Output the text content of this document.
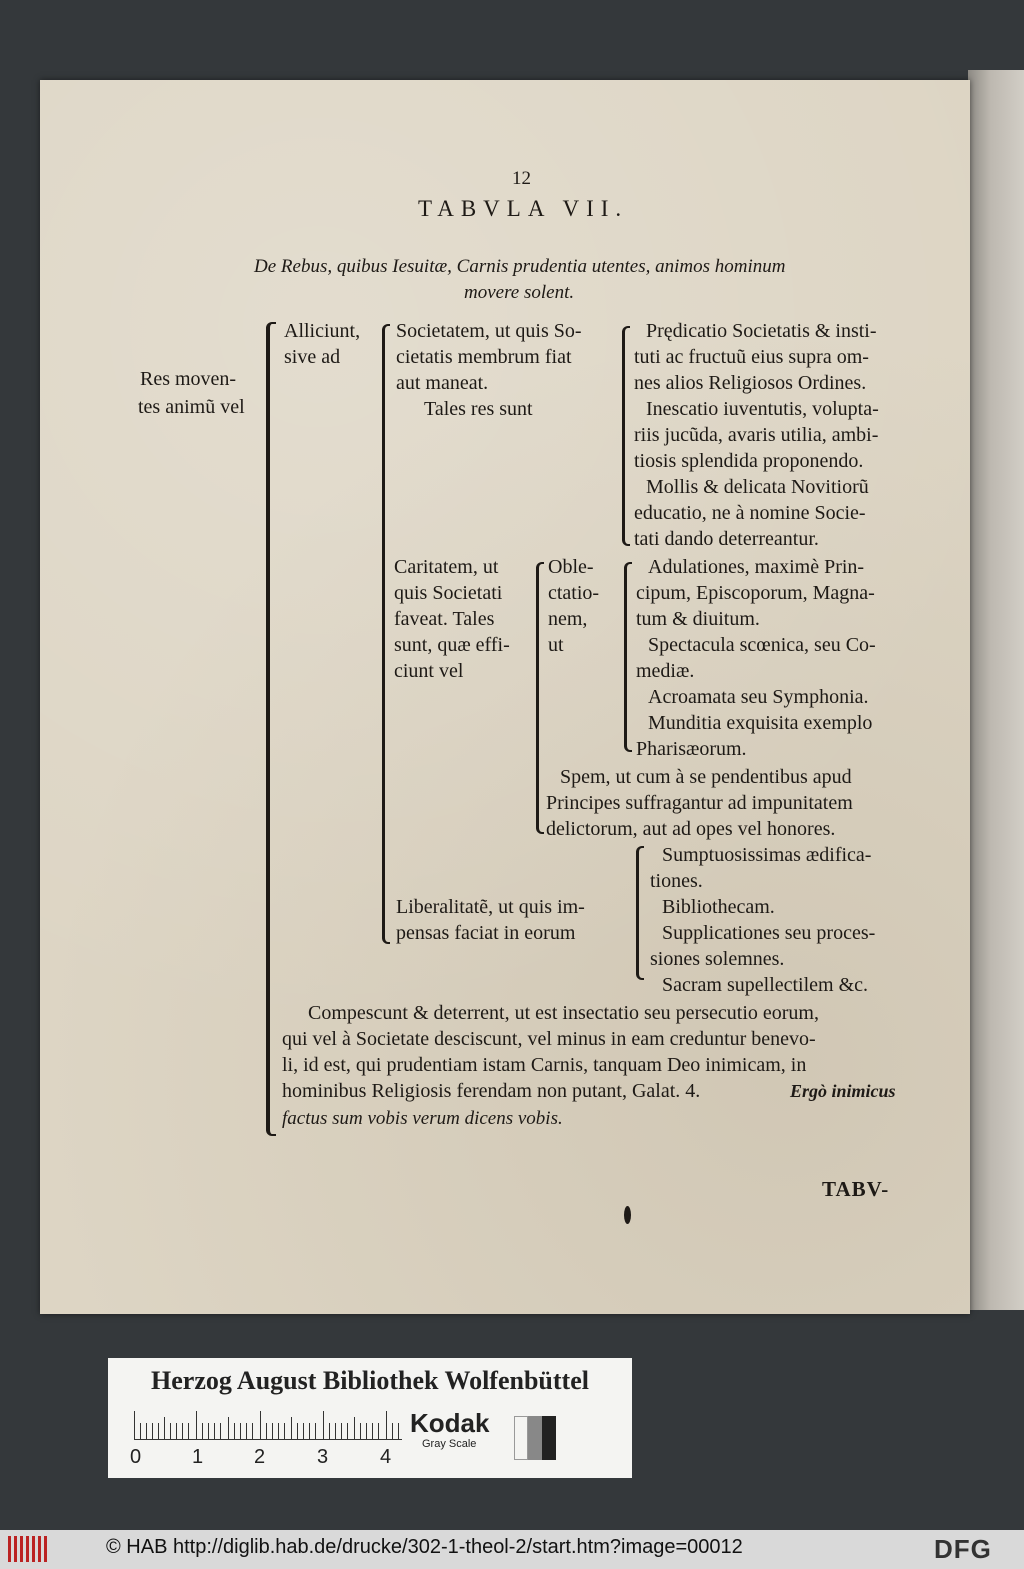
12
TABVLA VII.
De Rebus, quibus Iesuitæ, Carnis prudentia utentes, animos hominum
movere solent.
Res moven-
tes animũ vel
Alliciunt,
sive ad
Societatem, ut quis So-
cietatis membrum fiat
aut maneat.
Tales res sunt
Prędicatio Societatis & insti-
tuti ac fructuũ eius supra om-
nes alios Religiosos Ordines.
Inescatio iuventutis, volupta-
riis jucũda, avaris utilia, ambi-
tiosis splendida proponendo.
Mollis & delicata Novitiorũ
educatio, ne à nomine Socie-
tati dando deterreantur.
Caritatem, ut
quis Societati
faveat. Tales
sunt, quæ effi-
ciunt vel
Oble-
ctatio-
nem,
ut
Adulationes, maximè Prin-
cipum, Episcoporum, Magna-
tum & diuitum.
Spectacula scœnica, seu Co-
mediæ.
Acroamata seu Symphonia.
Munditia exquisita exemplo
Pharisæorum.
Spem, ut cum à se pendentibus apud
Principes suffragantur ad impunitatem
delictorum, aut ad opes vel honores.
Liberalitatẽ, ut quis im-
pensas faciat in eorum
Sumptuosissimas ædifica-
tiones.
Bibliothecam.
Supplicationes seu proces-
siones solemnes.
Sacram supellectilem &c.
Compescunt & deterrent, ut est insectatio seu persecutio eorum,
qui vel à Societate desciscunt, vel minus in eam creduntur benevo-
li, id est, qui prudentiam istam Carnis, tanquam Deo inimicam, in
hominibus Religiosis ferendam non putant, Galat. 4.	Ergò inimicus
factus sum vobis verum dicens vobis.
TABV-
Herzog August Bibliothek Wolfenbüttel
0	1	2	3	4
Kodak
Gray Scale
© HAB http://diglib.hab.de/drucke/302-1-theol-2/start.htm?image=00012	DFG
